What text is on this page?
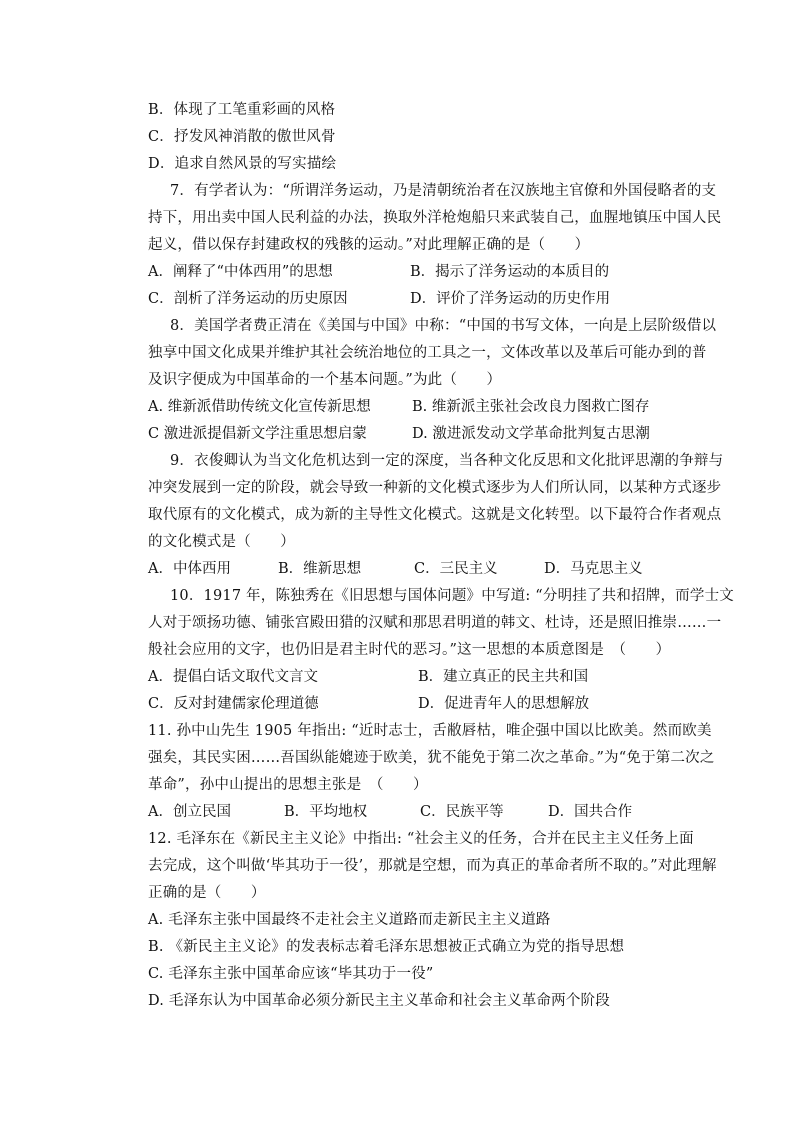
B．体现了工笔重彩画的风格
C．抒发风神消散的傲世风骨
D．追求自然风景的写实描绘
7．有学者认为：“所谓洋务运动，乃是清朝统治者在汉族地主官僚和外国侵略者的支
持下，用出卖中国人民利益的办法，换取外洋枪炮船只来武装自己，血腥地镇压中国人民
起义，借以保存封建政权的残骸的运动。”对此理解正确的是（　　）
A．阐释了“中体西用”的思想	B．揭示了洋务运动的本质目的
C．剖析了洋务运动的历史原因	D．评价了洋务运动的历史作用
8．美国学者费正清在《美国与中国》中称：“中国的书写文体，一向是上层阶级借以
独享中国文化成果并维护其社会统治地位的工具之一，文体改革以及革后可能办到的普
及识字便成为中国革命的一个基本问题。”为此（　　）
A. 维新派借助传统文化宣传新思想	B. 维新派主张社会改良力图救亡图存
C 激进派提倡新文学注重思想启蒙	D. 激进派发动文学革命批判复古思潮
9．衣俊卿认为当文化危机达到一定的深度，当各种文化反思和文化批评思潮的争辩与
冲突发展到一定的阶段，就会导致一种新的文化模式逐步为人们所认同，以某种方式逐步
取代原有的文化模式，成为新的主导性文化模式。这就是文化转型。以下最符合作者观点
的文化模式是（　　）
A．中体西用	B．维新思想	C．三民主义	D．马克思主义
10．1917 年，陈独秀在《旧思想与国体问题》中写道: “分明挂了共和招牌，而学士文
人对于颂扬功德、铺张宫殿田猎的汉赋和那思君明道的韩文、杜诗，还是照旧推崇……一
般社会应用的文字，也仍旧是君主时代的恶习。”这一思想的本质意图是　（　　）
A．提倡白话文取代文言文	B．建立真正的民主共和国
C．反对封建儒家伦理道德	D．促进青年人的思想解放
11. 孙中山先生 1905 年指出: “近时志士，舌敝唇枯，唯企强中国以比欧美。然而欧美
强矣，其民实困……吾国纵能媲迹于欧美，犹不能免于第二次之革命。”为“免于第二次之
革命”，孙中山提出的思想主张是　（　　）
A．创立民国	B．平均地权	C．民族平等	D．国共合作
12. 毛泽东在《新民主主义论》中指出: “社会主义的任务，合并在民主主义任务上面
去完成，这个叫做‘毕其功于一役’，那就是空想，而为真正的革命者所不取的。”对此理解
正确的是（　　）
A. 毛泽东主张中国最终不走社会主义道路而走新民主主义道路
B. 《新民主主义论》的发表标志着毛泽东思想被正式确立为党的指导思想
C. 毛泽东主张中国革命应该“毕其功于一役”
D. 毛泽东认为中国革命必须分新民主主义革命和社会主义革命两个阶段
